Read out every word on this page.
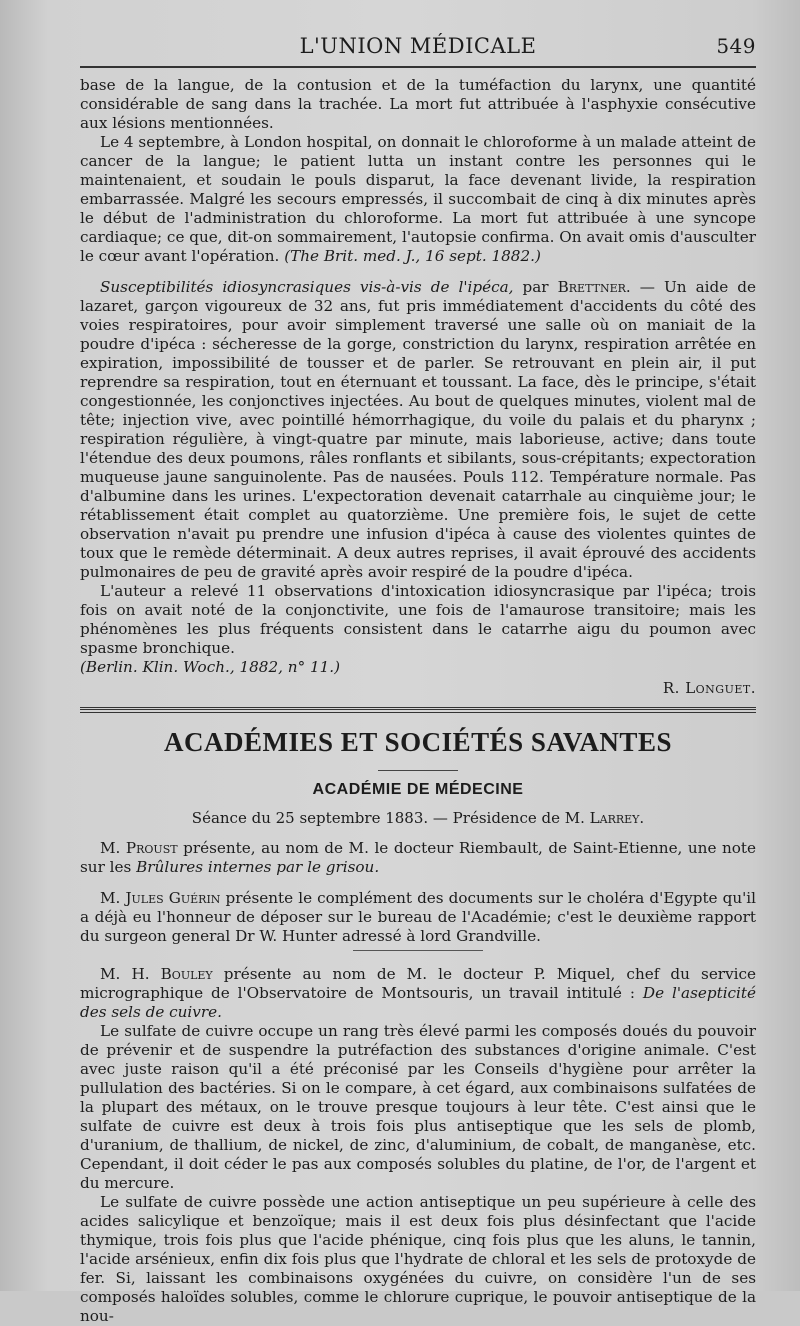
L'UNION MÉDICALE	549

base de la langue, de la contusion et de la tuméfaction du larynx, une quantité considérable de sang dans la trachée. La mort fut attribuée à l'asphyxie consécutive aux lésions mentionnées.

Le 4 septembre, à London hospital, on donnait le chloroforme à un malade atteint de cancer de la langue; le patient lutta un instant contre les personnes qui le maintenaient, et soudain le pouls disparut, la face devenant livide, la respiration embarrassée. Malgré les secours empressés, il succombait de cinq à dix minutes après le début de l'administration du chloroforme. La mort fut attribuée à une syncope cardiaque; ce que, dit-on sommairement, l'autopsie confirma. On avait omis d'ausculter le cœur avant l'opération. (The Brit. med. J., 16 sept. 1882.)

Susceptibilités idiosyncrasiques vis-à-vis de l'ipéca, par Brettner. — Un aide de lazaret, garçon vigoureux de 32 ans, fut pris immédiatement d'accidents du côté des voies respiratoires, pour avoir simplement traversé une salle où on maniait de la poudre d'ipéca : sécheresse de la gorge, constriction du larynx, respiration arrêtée en expiration, impossibilité de tousser et de parler. Se retrouvant en plein air, il put reprendre sa respiration, tout en éternuant et toussant. La face, dès le principe, s'était congestionnée, les conjonctives injectées. Au bout de quelques minutes, violent mal de tête; injection vive, avec pointillé hémorrhagique, du voile du palais et du pharynx ; respiration régulière, à vingt-quatre par minute, mais laborieuse, active; dans toute l'étendue des deux poumons, râles ronflants et sibilants, sous-crépitants; expectoration muqueuse jaune sanguinolente. Pas de nausées. Pouls 112. Température normale. Pas d'albumine dans les urines. L'expectoration devenait catarrhale au cinquième jour; le rétablissement était complet au quatorzième. Une première fois, le sujet de cette observation n'avait pu prendre une infusion d'ipéca à cause des violentes quintes de toux que le remède déterminait. A deux autres reprises, il avait éprouvé des accidents pulmonaires de peu de gravité après avoir respiré de la poudre d'ipéca.

L'auteur a relevé 11 observations d'intoxication idiosyncrasique par l'ipéca; trois fois on avait noté de la conjonctivite, une fois de l'amaurose transitoire; mais les phénomènes les plus fréquents consistent dans le catarrhe aigu du poumon avec spasme bronchique.

(Berlin. Klin. Woch., 1882, n° 11.)

R. Longuet.
ACADÉMIES ET SOCIÉTÉS SAVANTES
ACADÉMIE DE MÉDECINE
Séance du 25 septembre 1883. — Présidence de M. Larrey.

M. Proust présente, au nom de M. le docteur Riembault, de Saint-Etienne, une note sur les Brûlures internes par le grisou.

M. Jules Guérin présente le complément des documents sur le choléra d'Egypte qu'il a déjà eu l'honneur de déposer sur le bureau de l'Académie; c'est le deuxième rapport du surgeon general Dr W. Hunter adressé à lord Grandville.

M. H. Bouley présente au nom de M. le docteur P. Miquel, chef du service micrographique de l'Observatoire de Montsouris, un travail intitulé : De l'asepticité des sels de cuivre.

Le sulfate de cuivre occupe un rang très élevé parmi les composés doués du pouvoir de prévenir et de suspendre la putréfaction des substances d'origine animale. C'est avec juste raison qu'il a été préconisé par les Conseils d'hygiène pour arrêter la pullulation des bactéries. Si on le compare, à cet égard, aux combinaisons sulfatées de la plupart des métaux, on le trouve presque toujours à leur tête. C'est ainsi que le sulfate de cuivre est deux à trois fois plus antiseptique que les sels de plomb, d'uranium, de thallium, de nickel, de zinc, d'aluminium, de cobalt, de manganèse, etc. Cependant, il doit céder le pas aux composés solubles du platine, de l'or, de l'argent et du mercure.

Le sulfate de cuivre possède une action antiseptique un peu supérieure à celle des acides salicylique et benzoïque; mais il est deux fois plus désinfectant que l'acide thymique, trois fois plus que l'acide phénique, cinq fois plus que les aluns, le tannin, l'acide arsénieux, enfin dix fois plus que l'hydrate de chloral et les sels de protoxyde de fer. Si, laissant les combinaisons oxygénées du cuivre, on considère l'un de ses composés haloïdes solubles, comme le chlorure cuprique, le pouvoir antiseptique de la nou-
